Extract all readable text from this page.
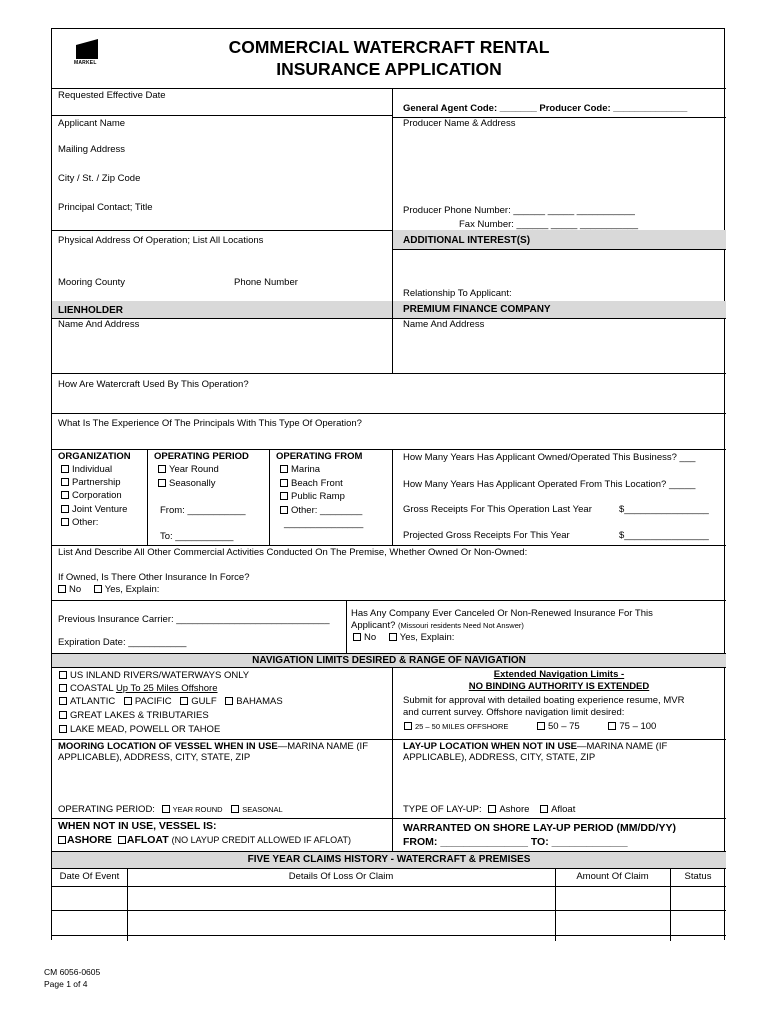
MARKEL
COMMERCIAL WATERCRAFT RENTAL
INSURANCE APPLICATION
Requested Effective Date
Applicant Name
Mailing Address
City / St. / Zip Code
Principal Contact; Title
Physical Address Of Operation; List All Locations
Mooring County	Phone Number
LIENHOLDER
Name And Address
General Agent Code: _______ Producer Code: ______________
Producer Name & Address
Producer Phone Number: ______ _____ ___________
Fax Number: ______ _____ ___________
ADDITIONAL INTEREST(S)
Relationship To Applicant:
PREMIUM FINANCE COMPANY
Name And Address
How Are Watercraft Used By This Operation?
What Is The Experience Of The Principals With This Type Of Operation?
ORGANIZATION
Individual
Partnership
Corporation
Joint Venture
Other:
OPERATING PERIOD
Year Round
Seasonally
From: ___________
To: ___________
OPERATING FROM
Marina
Beach Front
Public Ramp
Other: ________
_______________
How Many Years Has Applicant Owned/Operated This Business? ___
How Many Years Has Applicant Operated From This Location? _____
Gross Receipts For This Operation Last Year	$________________
Projected Gross Receipts For This Year	$________________
List And Describe All Other Commercial Activities Conducted On The Premise, Whether Owned Or Non-Owned:
If Owned, Is There Other Insurance In Force?
No Yes, Explain:
Previous Insurance Carrier: _____________________________
Expiration Date: ___________
Has Any Company Ever Canceled Or Non-Renewed Insurance For This
Applicant? (Missouri residents Need Not Answer)
No Yes, Explain:
NAVIGATION LIMITS DESIRED & RANGE OF NAVIGATION
US INLAND RIVERS/WATERWAYS ONLY
COASTAL Up To 25 Miles Offshore
ATLANTIC PACIFIC GULF BAHAMAS
GREAT LAKES & TRIBUTARIES
LAKE MEAD, POWELL OR TAHOE
Extended Navigation Limits -
NO BINDING AUTHORITY IS EXTENDED
Submit for approval with detailed boating experience resume, MVR
and current survey. Offshore navigation limit desired:
25 – 50 MILES OFFSHORE	50 – 75	75 – 100
MOORING LOCATION OF VESSEL WHEN IN USE—MARINA NAME (IF APPLICABLE), ADDRESS, CITY, STATE, ZIP
LAY-UP LOCATION WHEN NOT IN USE—MARINA NAME (IF APPLICABLE), ADDRESS, CITY, STATE, ZIP
OPERATING PERIOD: YEAR ROUND	SEASONAL	TYPE OF LAY-UP: Ashore Afloat
WHEN NOT IN USE, VESSEL IS:
ASHORE AFLOAT (NO LAYUP CREDIT ALLOWED IF AFLOAT)
WARRANTED ON SHORE LAY-UP PERIOD (MM/DD/YY)
FROM: _______________ TO: _____________
FIVE YEAR CLAIMS HISTORY - WATERCRAFT & PREMISES
Date Of Event	Details Of Loss Or Claim	Amount Of Claim	Status
CM 6056-0605
Page 1 of 4
